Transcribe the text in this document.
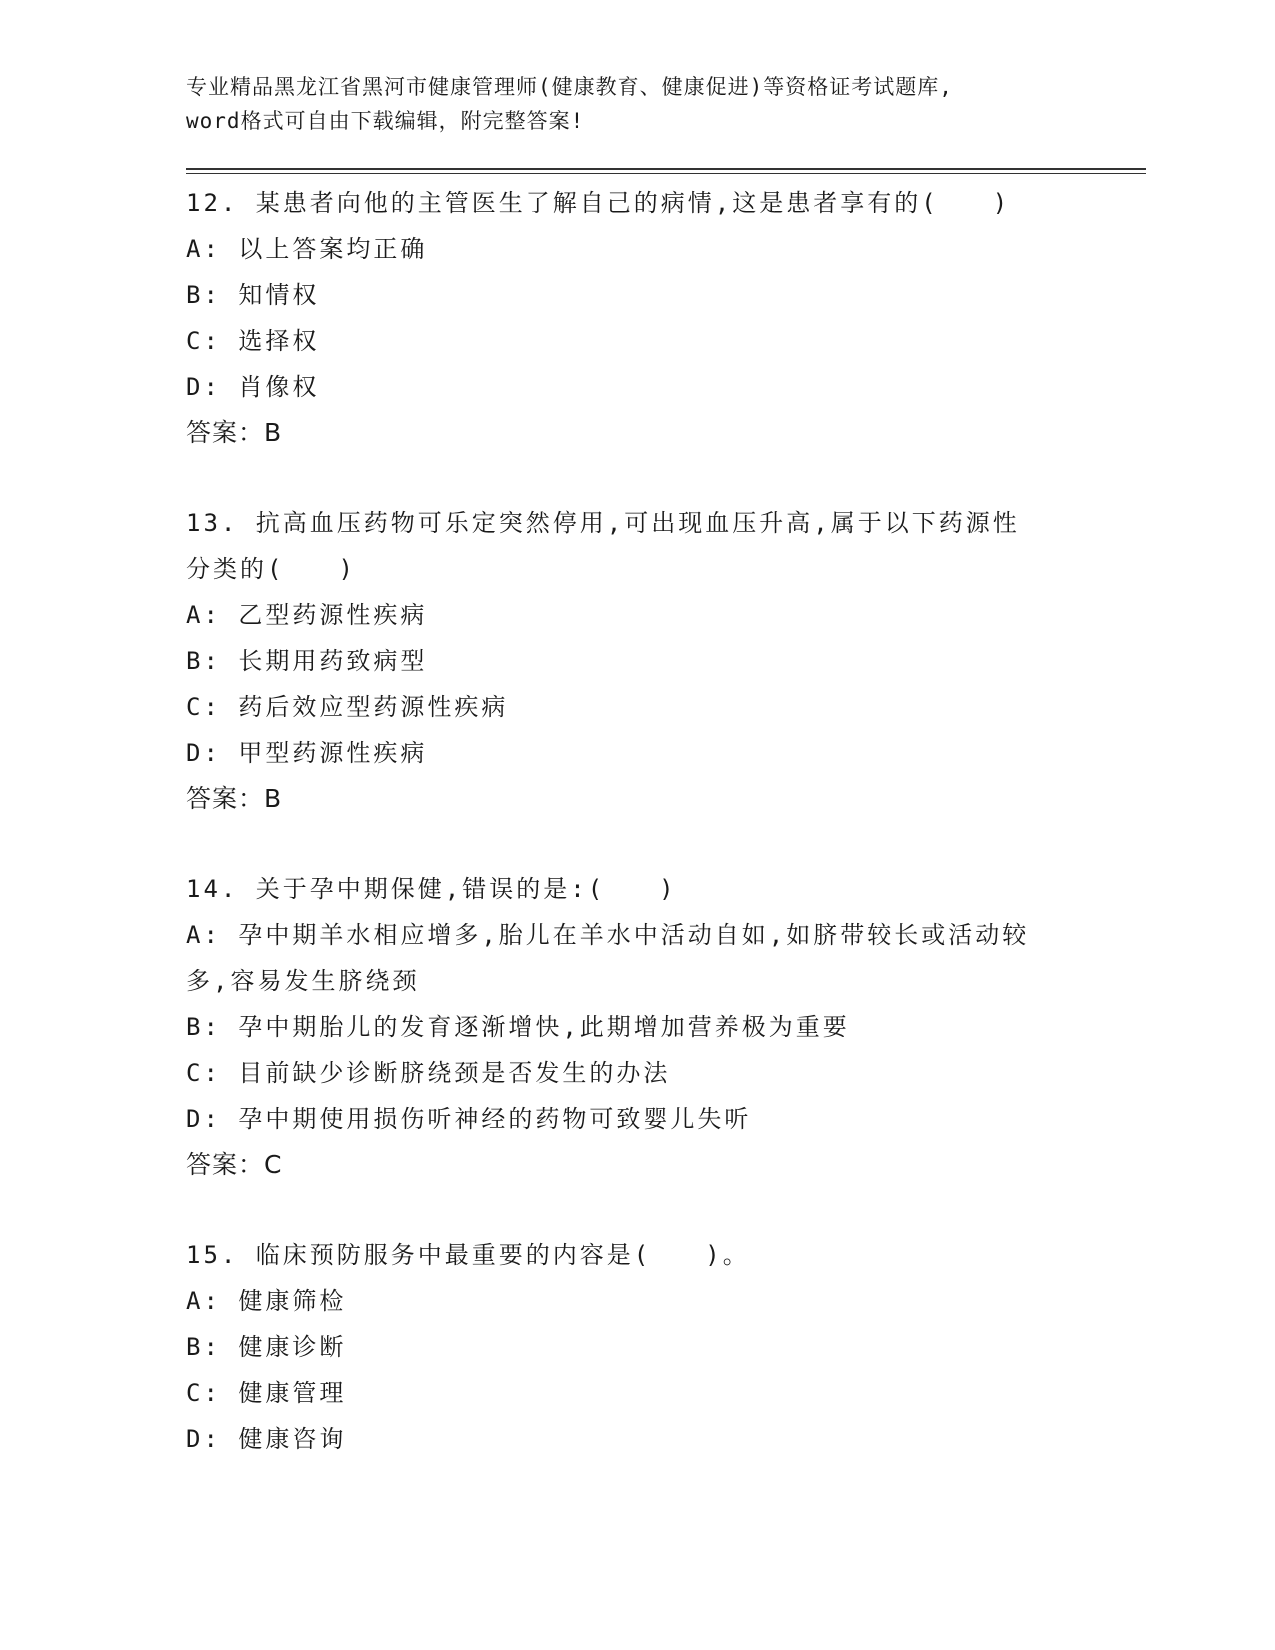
专业精品黑龙江省黑河市健康管理师(健康教育、健康促进)等资格证考试题库,
word格式可自由下载编辑，附完整答案!
12. 某患者向他的主管医生了解自己的病情,这是患者享有的(　　)
A: 以上答案均正确
B: 知情权
C: 选择权
D: 肖像权
答案：B
13. 抗高血压药物可乐定突然停用,可出现血压升高,属于以下药源性
分类的(　　)
A: 乙型药源性疾病
B: 长期用药致病型
C: 药后效应型药源性疾病
D: 甲型药源性疾病
答案：B
14. 关于孕中期保健,错误的是:(　　)
A: 孕中期羊水相应增多,胎儿在羊水中活动自如,如脐带较长或活动较
多,容易发生脐绕颈
B: 孕中期胎儿的发育逐渐增快,此期增加营养极为重要
C: 目前缺少诊断脐绕颈是否发生的办法
D: 孕中期使用损伤听神经的药物可致婴儿失听
答案：C
15. 临床预防服务中最重要的内容是(　　)。
A: 健康筛检
B: 健康诊断
C: 健康管理
D: 健康咨询
